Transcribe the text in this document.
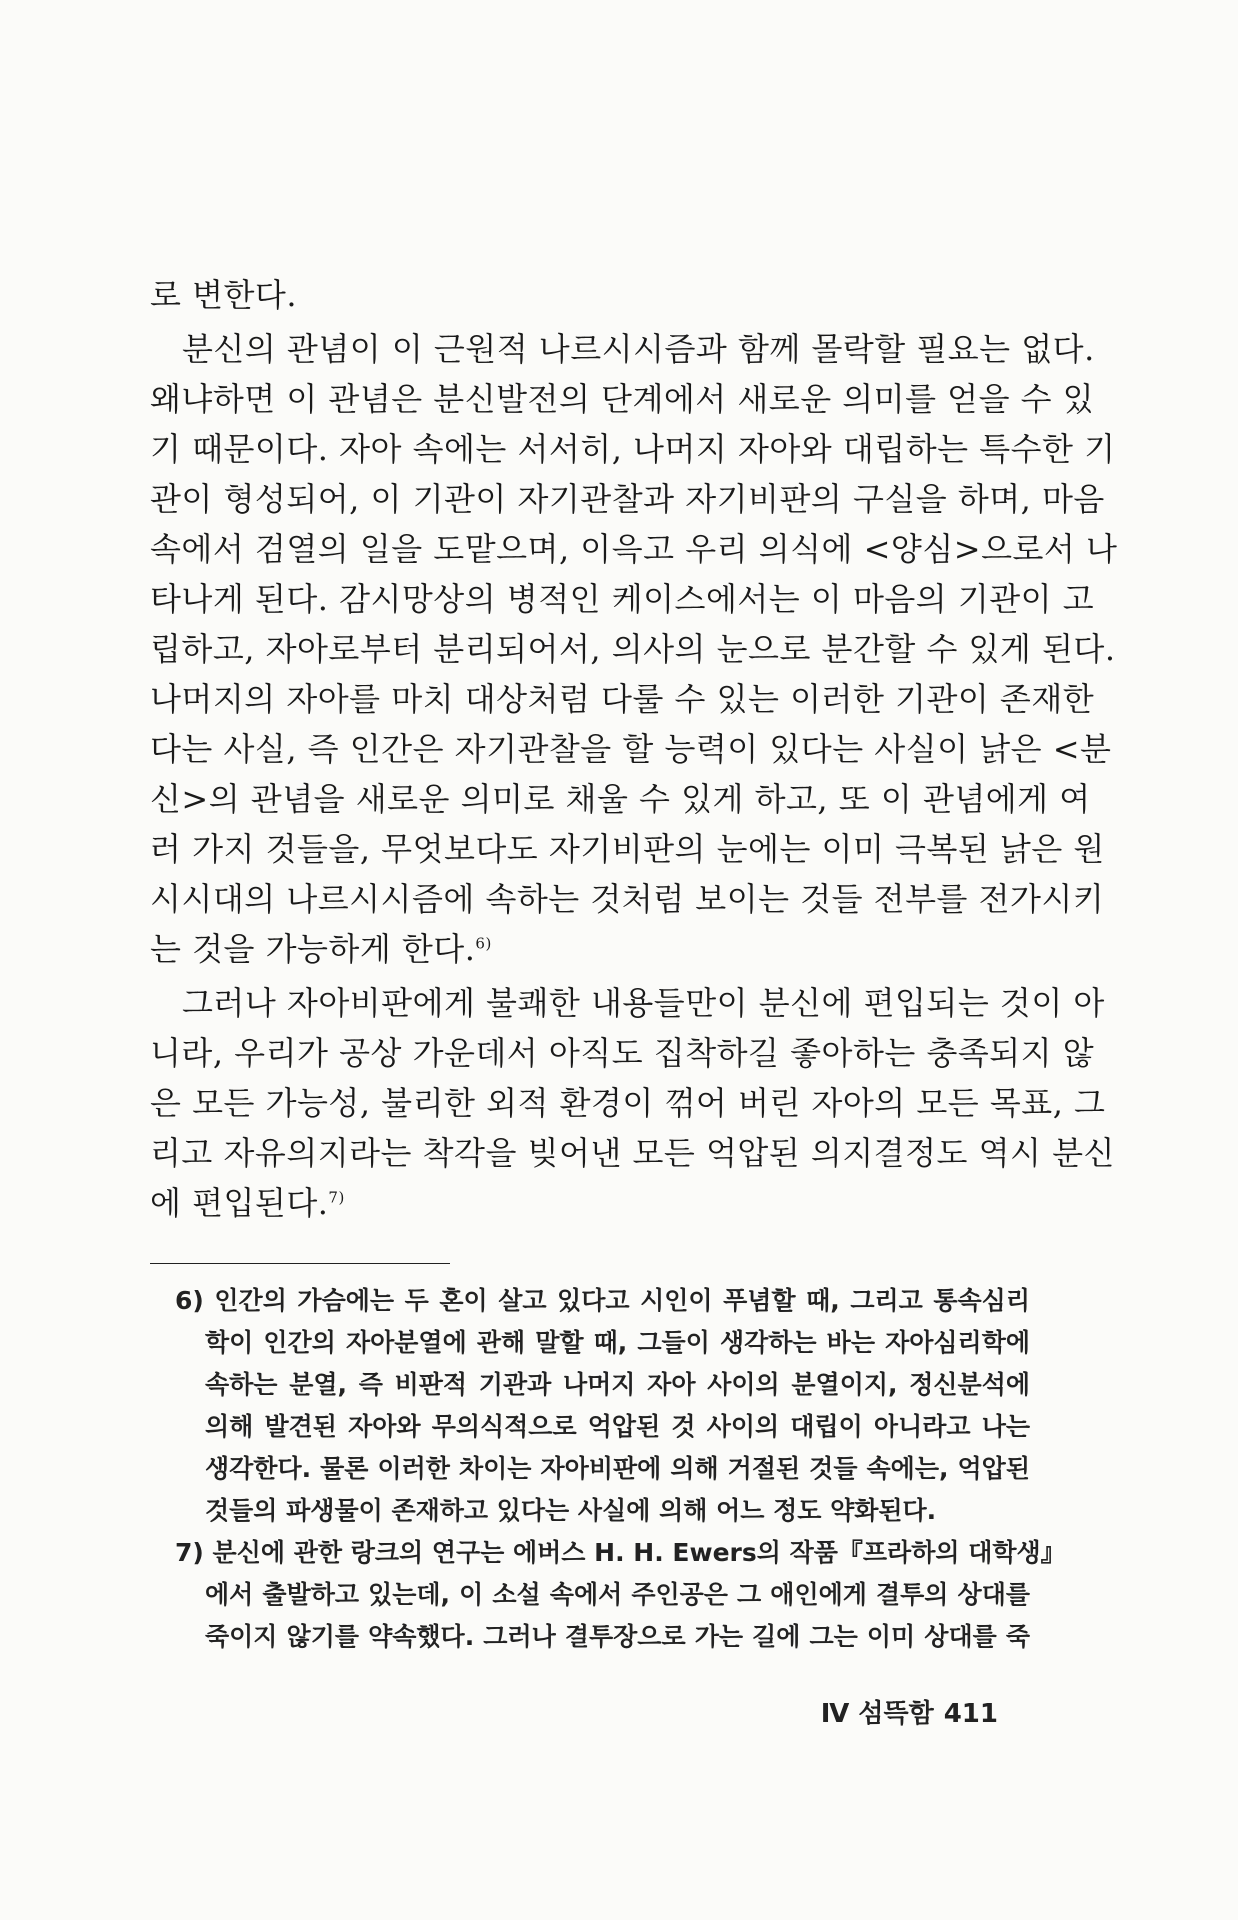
로 변한다.
분신의 관념이 이 근원적 나르시시즘과 함께 몰락할 필요는 없다.
왜냐하면 이 관념은 분신발전의 단계에서 새로운 의미를 얻을 수 있
기 때문이다. 자아 속에는 서서히, 나머지 자아와 대립하는 특수한 기
관이 형성되어, 이 기관이 자기관찰과 자기비판의 구실을 하며, 마음
속에서 검열의 일을 도맡으며, 이윽고 우리 의식에 <양심>으로서 나
타나게 된다. 감시망상의 병적인 케이스에서는 이 마음의 기관이 고
립하고, 자아로부터 분리되어서, 의사의 눈으로 분간할 수 있게 된다.
나머지의 자아를 마치 대상처럼 다룰 수 있는 이러한 기관이 존재한
다는 사실, 즉 인간은 자기관찰을 할 능력이 있다는 사실이 낡은 <분
신>의 관념을 새로운 의미로 채울 수 있게 하고, 또 이 관념에게 여
러 가지 것들을, 무엇보다도 자기비판의 눈에는 이미 극복된 낡은 원
시시대의 나르시시즘에 속하는 것처럼 보이는 것들 전부를 전가시키
는 것을 가능하게 한다.$^{6)}$
그러나 자아비판에게 불쾌한 내용들만이 분신에 편입되는 것이 아
니라, 우리가 공상 가운데서 아직도 집착하길 좋아하는 충족되지 않
은 모든 가능성, 불리한 외적 환경이 꺾어 버린 자아의 모든 목표, 그
리고 자유의지라는 착각을 빚어낸 모든 억압된 의지결정도 역시 분신
에 편입된다.$^{7)}$
6) 인간의 가슴에는 두 혼이 살고 있다고 시인이 푸념할 때, 그리고 통속심리
학이 인간의 자아분열에 관해 말할 때, 그들이 생각하는 바는 자아심리학에
속하는 분열, 즉 비판적 기관과 나머지 자아 사이의 분열이지, 정신분석에
의해 발견된 자아와 무의식적으로 억압된 것 사이의 대립이 아니라고 나는
생각한다. 물론 이러한 차이는 자아비판에 의해 거절된 것들 속에는, 억압된
것들의 파생물이 존재하고 있다는 사실에 의해 어느 정도 약화된다.
7) 분신에 관한 랑크의 연구는 에버스 H. H. Ewers의 작품『프라하의 대학생』
에서 출발하고 있는데, 이 소설 속에서 주인공은 그 애인에게 결투의 상대를
죽이지 않기를 약속했다. 그러나 결투장으로 가는 길에 그는 이미 상대를 죽
Ⅳ 섬뜩함 411
